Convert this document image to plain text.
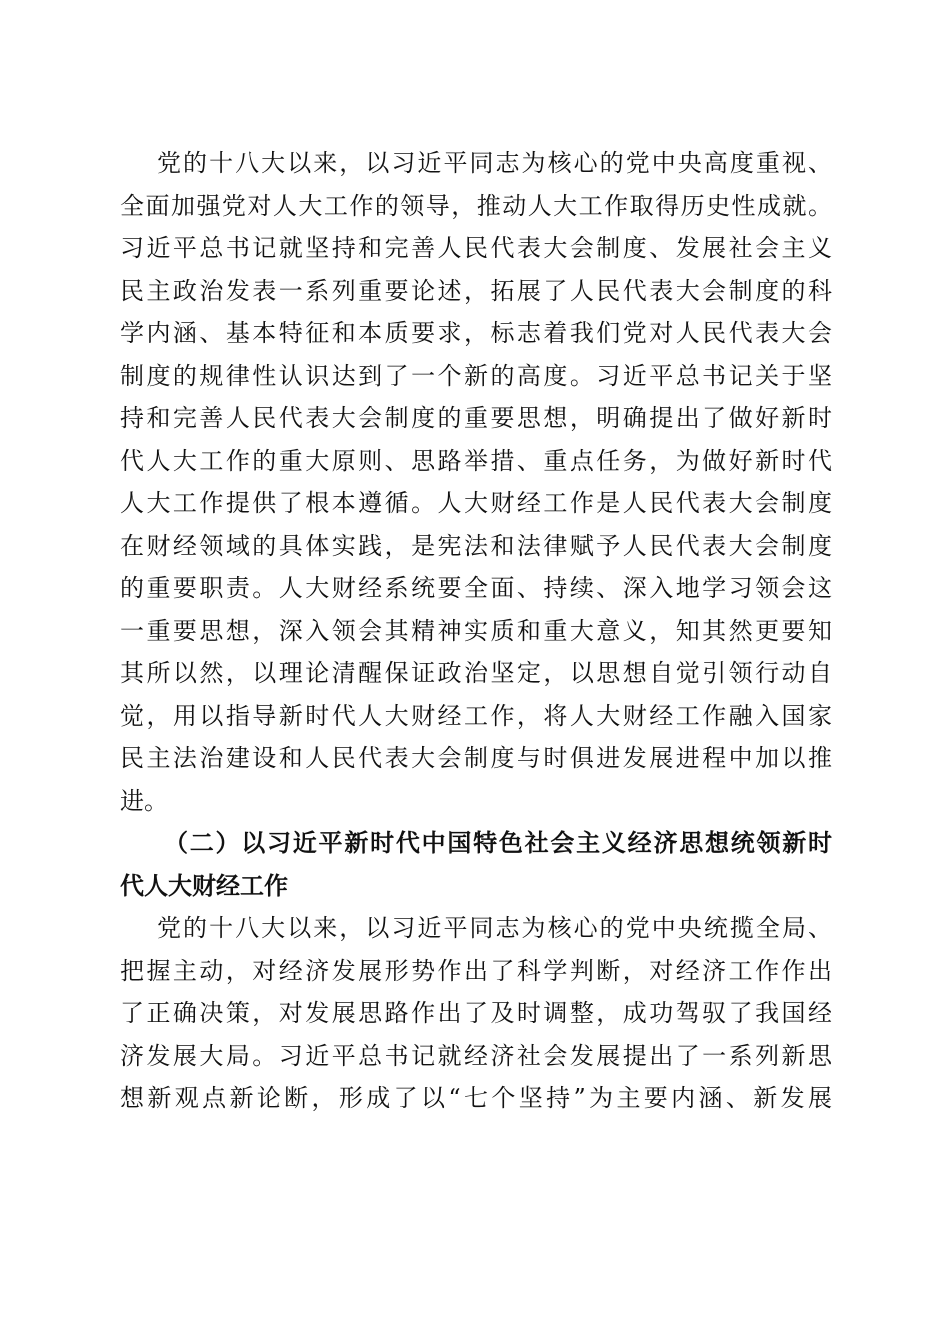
党的十八大以来，以习近平同志为核心的党中央高度重视、
全面加强党对人大工作的领导，推动人大工作取得历史性成就。
习近平总书记就坚持和完善人民代表大会制度、发展社会主义
民主政治发表一系列重要论述，拓展了人民代表大会制度的科
学内涵、基本特征和本质要求，标志着我们党对人民代表大会
制度的规律性认识达到了一个新的高度。习近平总书记关于坚
持和完善人民代表大会制度的重要思想，明确提出了做好新时
代人大工作的重大原则、思路举措、重点任务，为做好新时代
人大工作提供了根本遵循。人大财经工作是人民代表大会制度
在财经领域的具体实践，是宪法和法律赋予人民代表大会制度
的重要职责。人大财经系统要全面、持续、深入地学习领会这
一重要思想，深入领会其精神实质和重大意义，知其然更要知
其所以然，以理论清醒保证政治坚定，以思想自觉引领行动自
觉，用以指导新时代人大财经工作，将人大财经工作融入国家
民主法治建设和人民代表大会制度与时俱进发展进程中加以推
进。
（二）以习近平新时代中国特色社会主义经济思想统领新时
代人大财经工作
党的十八大以来，以习近平同志为核心的党中央统揽全局、
把握主动，对经济发展形势作出了科学判断，对经济工作作出
了正确决策，对发展思路作出了及时调整，成功驾驭了我国经
济发展大局。习近平总书记就经济社会发展提出了一系列新思
想新观点新论断，形成了以“七个坚持”为主要内涵、新发展
